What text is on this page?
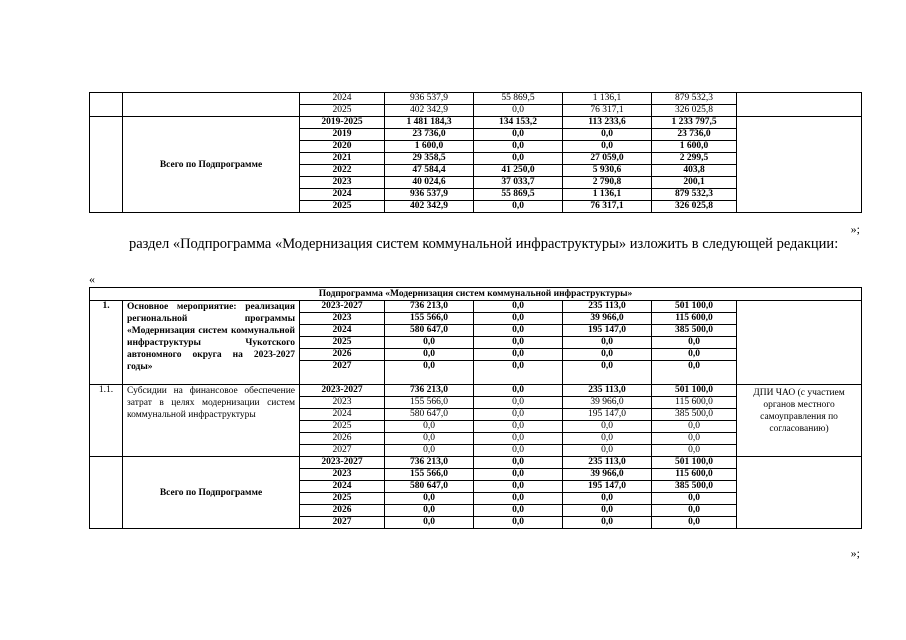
		2024	936 537,9	55 869,5	1 136,1	879 532,3	
		2025	402 342,9	0,0	76 317,1	326 025,8	
	Всего по Подпрограмме	2019-2025	1 481 184,3	134 153,2	113 233,6	1 233 797,5	
		2019	23 736,0	0,0	0,0	23 736,0	
		2020	1 600,0	0,0	0,0	1 600,0	
		2021	29 358,5	0,0	27 059,0	2 299,5	
		2022	47 584,4	41 250,0	5 930,6	403,8	
		2023	40 024,6	37 033,7	2 790,8	200,1	
		2024	936 537,9	55 869,5	1 136,1	879 532,3	
		2025	402 342,9	0,0	76 317,1	326 025,8	
»;
раздел «Подпрограмма «Модернизация систем коммунальной инфраструктуры» изложить в следующей редакции:
«
Подпрограмма «Модернизация систем коммунальной инфраструктуры»							
1.	Основное мероприятие: реализация региональной программы «Модернизация систем коммунальной инфраструктуры Чукотского автономного округа на 2023-2027 годы»	2023-2027	736 213,0	0,0	235 113,0	501 100,0	
		2023	155 566,0	0,0	39 966,0	115 600,0	
		2024	580 647,0	0,0	195 147,0	385 500,0	
		2025	0,0	0,0	0,0	0,0	
		2026	0,0	0,0	0,0	0,0	
		2027	0,0	0,0	0,0	0,0	
1.1.	Субсидии на финансовое обеспечение затрат в целях модернизации систем коммунальной инфраструктуры	2023-2027	736 213,0	0,0	235 113,0	501 100,0	ДПИ ЧАО (с участием органов местного самоуправления по согласованию)
		2023	155 566,0	0,0	39 966,0	115 600,0	
		2024	580 647,0	0,0	195 147,0	385 500,0	
		2025	0,0	0,0	0,0	0,0	
		2026	0,0	0,0	0,0	0,0	
		2027	0,0	0,0	0,0	0,0	
	Всего по Подпрограмме	2023-2027	736 213,0	0,0	235 113,0	501 100,0	
		2023	155 566,0	0,0	39 966,0	115 600,0	
		2024	580 647,0	0,0	195 147,0	385 500,0	
		2025	0,0	0,0	0,0	0,0	
		2026	0,0	0,0	0,0	0,0	
		2027	0,0	0,0	0,0	0,0	
»;
